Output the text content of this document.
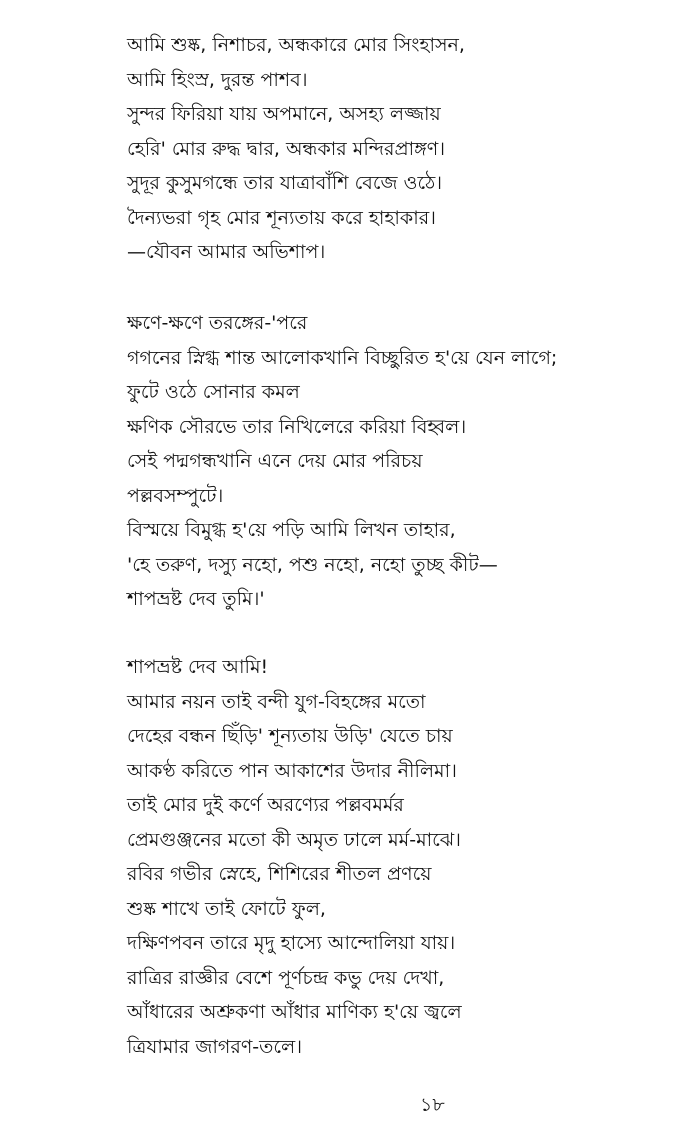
আমি শুষ্ক, নিশাচর, অন্ধকারে মোর সিংহাসন,
আমি হিংস্র, দুরন্ত পাশব।
সুন্দর ফিরিয়া যায় অপমানে, অসহ্য লজ্জায়
হেরি' মোর রুদ্ধ দ্বার, অন্ধকার মন্দিরপ্রাঙ্গণ।
সুদূর কুসুমগন্ধে তার যাত্রাবাঁশি বেজে ওঠে।
দৈন্যভরা গৃহ মোর শূন্যতায় করে হাহাকার।
—যৌবন আমার অভিশাপ।
ক্ষণে-ক্ষণে তরঙ্গের-'পরে
গগনের স্নিগ্ধ শান্ত আলোকখানি বিচ্ছুরিত হ'য়ে যেন লাগে;
ফুটে ওঠে সোনার কমল
ক্ষণিক সৌরভে তার নিখিলেরে করিয়া বিহ্বল।
সেই পদ্মগন্ধখানি এনে দেয় মোর পরিচয়
পল্লবসম্পুটে।
বিস্ময়ে বিমুগ্ধ হ'য়ে পড়ি আমি লিখন তাহার,
'হে তরুণ, দস্যু নহো, পশু নহো, নহো তুচ্ছ কীট—
শাপভ্রষ্ট দেব তুমি।'
শাপভ্রষ্ট দেব আমি!
আমার নয়ন তাই বন্দী যুগ-বিহঙ্গের মতো
দেহের বন্ধন ছিঁড়ি' শূন্যতায় উড়ি' যেতে চায়
আকণ্ঠ করিতে পান আকাশের উদার নীলিমা।
তাই মোর দুই কর্ণে অরণ্যের পল্লবমর্মর
প্রেমগুঞ্জনের মতো কী অমৃত ঢালে মর্ম-মাঝে।
রবির গভীর স্নেহে, শিশিরের শীতল প্রণয়ে
শুষ্ক শাখে তাই ফোটে ফুল,
দক্ষিণপবন তারে মৃদু হাস্যে আন্দোলিয়া যায়।
রাত্রির রাজ্ঞীর বেশে পূর্ণচন্দ্র কভু দেয় দেখা,
আঁধারের অশ্রুকণা আঁধার মাণিক্য হ'য়ে জ্বলে
ত্রিযামার জাগরণ-তলে।
১৮
